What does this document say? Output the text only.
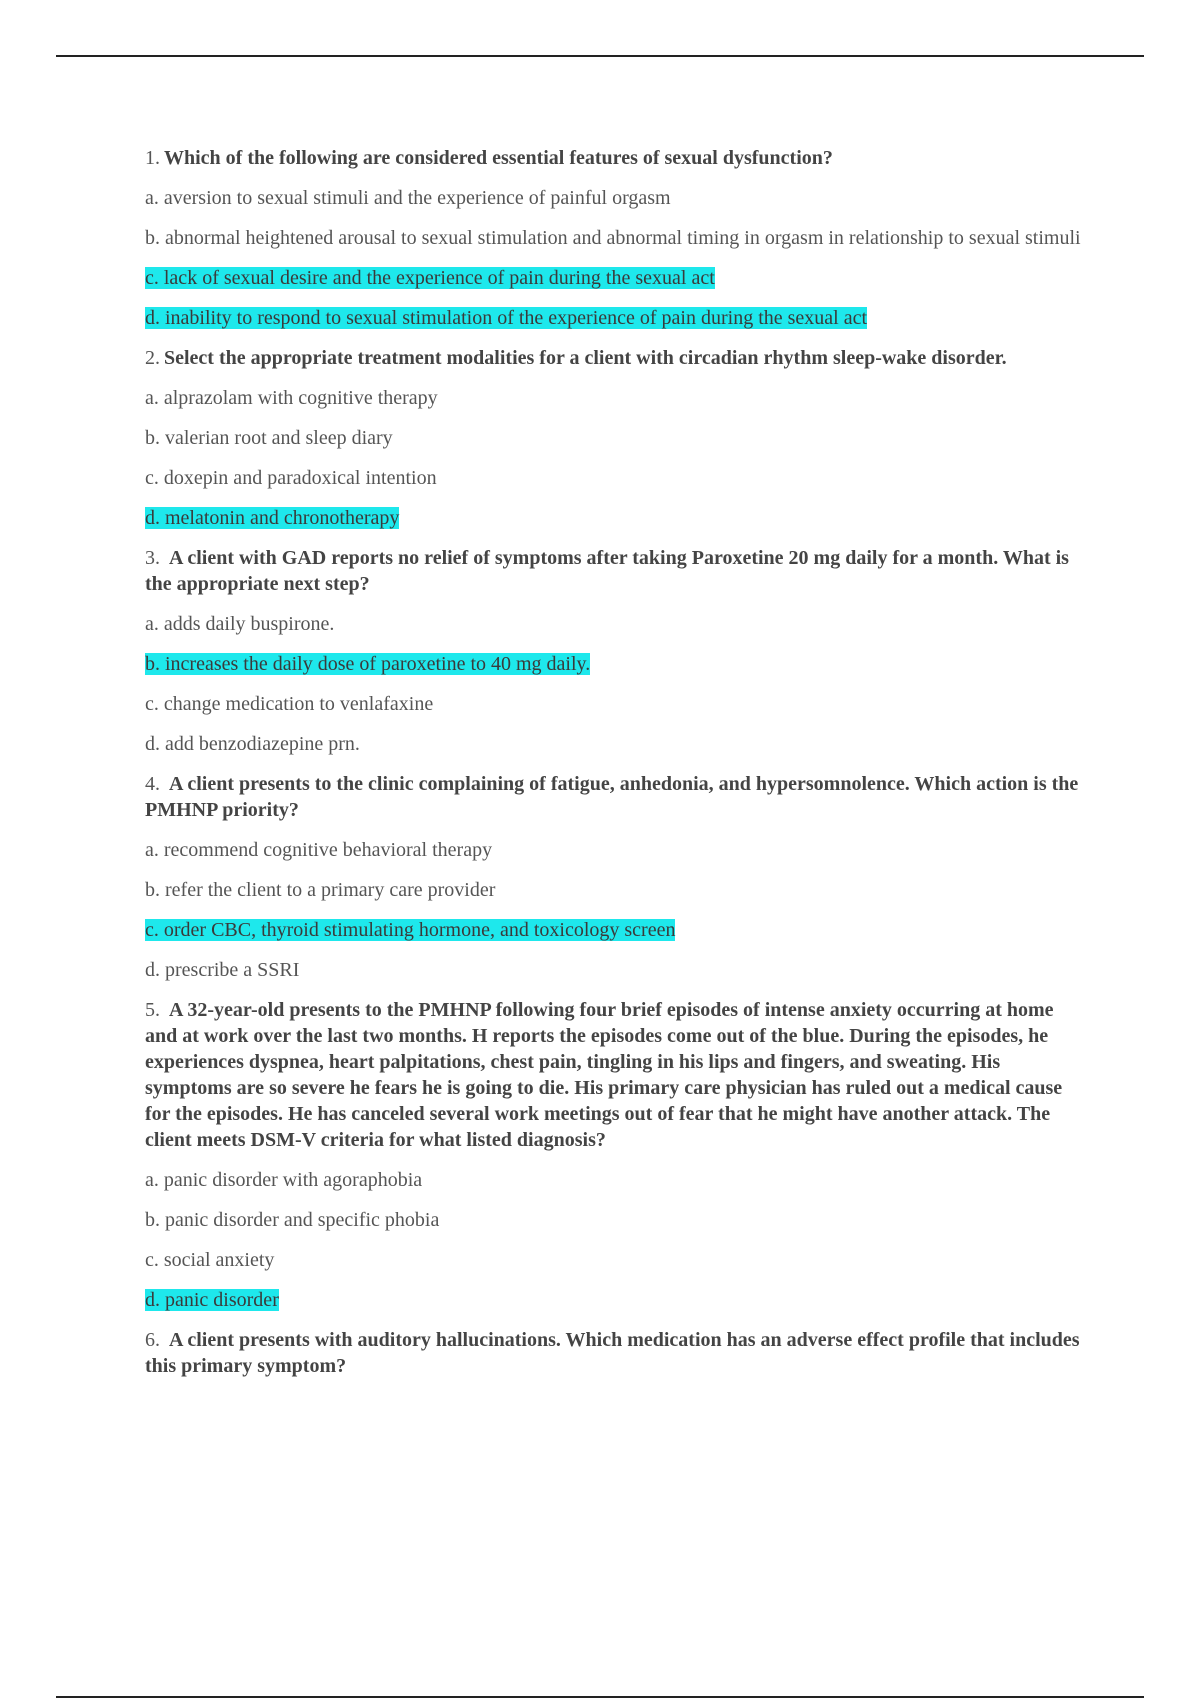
1. Which of the following are considered essential features of sexual dysfunction?
a. aversion to sexual stimuli and the experience of painful orgasm
b. abnormal heightened arousal to sexual stimulation and abnormal timing in orgasm in relationship to sexual stimuli
c. lack of sexual desire and the experience of pain during the sexual act
d. inability to respond to sexual stimulation of the experience of pain during the sexual act
2. Select the appropriate treatment modalities for a client with circadian rhythm sleep-wake disorder.
a. alprazolam with cognitive therapy
b. valerian root and sleep diary
c. doxepin and paradoxical intention
d. melatonin and chronotherapy
3. A client with GAD reports no relief of symptoms after taking Paroxetine 20 mg daily for a month. What is the appropriate next step?
a. adds daily buspirone.
b. increases the daily dose of paroxetine to 40 mg daily.
c. change medication to venlafaxine
d. add benzodiazepine prn.
4. A client presents to the clinic complaining of fatigue, anhedonia, and hypersomnolence. Which action is the PMHNP priority?
a. recommend cognitive behavioral therapy
b. refer the client to a primary care provider
c. order CBC, thyroid stimulating hormone, and toxicology screen
d. prescribe a SSRI
5. A 32-year-old presents to the PMHNP following four brief episodes of intense anxiety occurring at home and at work over the last two months. H reports the episodes come out of the blue. During the episodes, he experiences dyspnea, heart palpitations, chest pain, tingling in his lips and fingers, and sweating. His symptoms are so severe he fears he is going to die. His primary care physician has ruled out a medical cause for the episodes. He has canceled several work meetings out of fear that he might have another attack. The client meets DSM-V criteria for what listed diagnosis?
a. panic disorder with agoraphobia
b. panic disorder and specific phobia
c. social anxiety
d. panic disorder
6. A client presents with auditory hallucinations. Which medication has an adverse effect profile that includes this primary symptom?
